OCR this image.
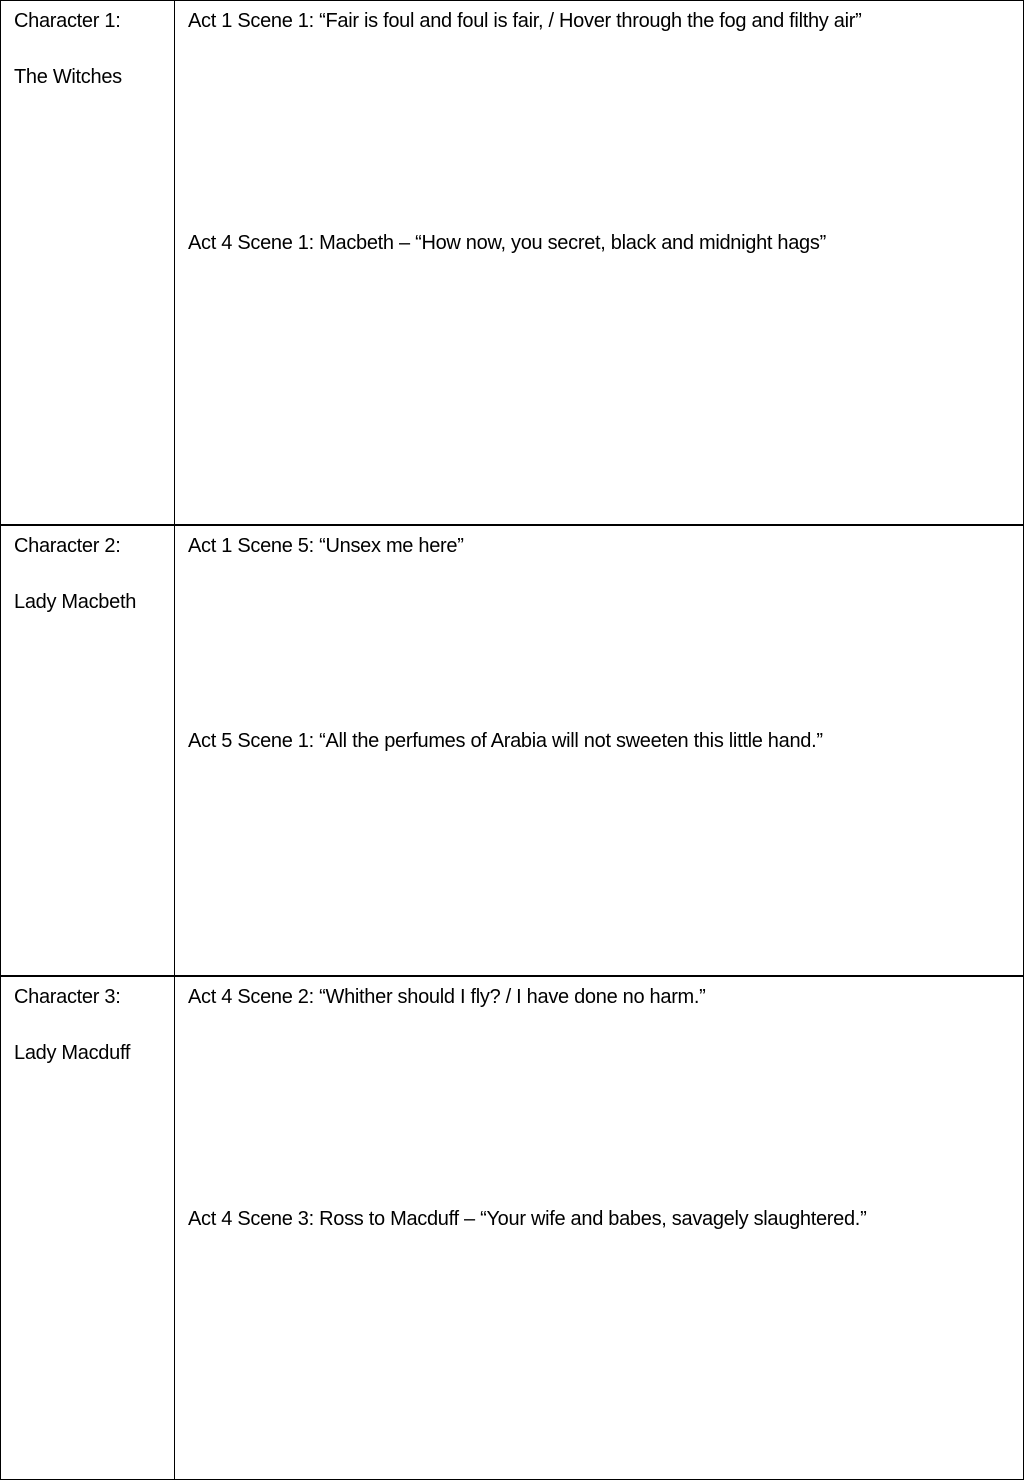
Character 1:
The Witches
Act 1 Scene 1: “Fair is foul and foul is fair, / Hover through the fog and filthy air”
Act 4 Scene 1: Macbeth – “How now, you secret, black and midnight hags”
Character 2:
Lady Macbeth
Act 1 Scene 5: “Unsex me here”
Act 5 Scene 1: “All the perfumes of Arabia will not sweeten this little hand.”
Character 3:
Lady Macduff
Act 4 Scene 2: “Whither should I fly? / I have done no harm.”
Act 4 Scene 3: Ross to Macduff – “Your wife and babes, savagely slaughtered.”
